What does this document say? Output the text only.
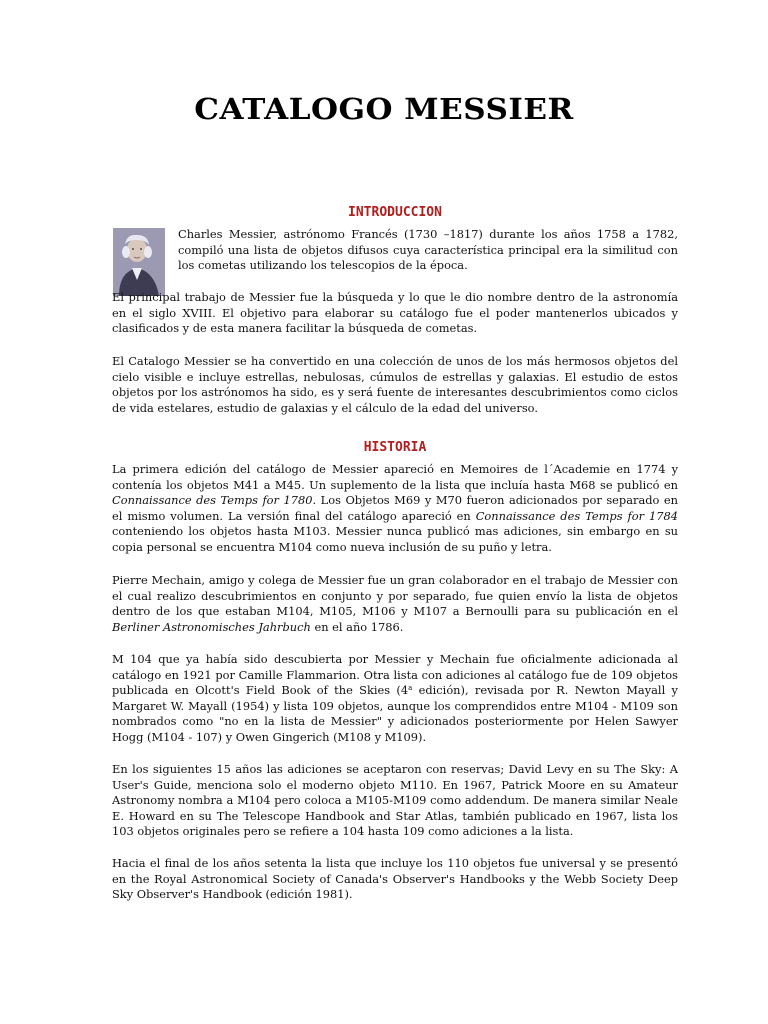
CATALOGO MESSIER
INTRODUCCION

Charles Messier, astrónomo Francés (1730 –1817) durante los años 1758 a 1782, compiló una lista de objetos difusos cuya característica principal era la similitud con los cometas utilizando los telescopios de la época.

El principal trabajo de Messier fue la búsqueda y lo que le dio nombre dentro de la astronomía en el siglo XVIII. El objetivo para elaborar su catálogo fue el poder mantenerlos ubicados y clasificados y de esta manera facilitar la búsqueda de cometas.

El Catalogo Messier se ha convertido en una colección de unos de los más hermosos objetos del cielo visible e incluye estrellas, nebulosas, cúmulos de estrellas y galaxias. El estudio de estos objetos por los astrónomos ha sido, es y será fuente de interesantes descubrimientos como ciclos de vida estelares, estudio de galaxias y el cálculo de la edad del universo.

HISTORIA

La primera edición del catálogo de Messier apareció en Memoires de l´Academie en 1774 y contenía los objetos M41 a M45. Un suplemento de la lista que incluía hasta M68 se publicó en Connaissance des Temps for 1780. Los Objetos M69 y M70 fueron adicionados por separado en el mismo volumen. La versión final del catálogo apareció en Connaissance des Temps for 1784 conteniendo los objetos hasta M103. Messier nunca publicó mas adiciones, sin embargo en su copia personal se encuentra M104 como nueva inclusión de su puño y letra.

Pierre Mechain, amigo y colega de Messier fue un gran colaborador en el trabajo de Messier con el cual realizo descubrimientos en conjunto y por separado, fue quien envío la lista de objetos dentro de los que estaban M104, M105, M106 y M107 a Bernoulli para su publicación en el Berliner Astronomisches Jahrbuch en el año 1786.

M 104 que ya había sido descubierta por Messier y Mechain fue oficialmente adicionada al catálogo en 1921 por Camille Flammarion. Otra lista con adiciones al catálogo fue de 109 objetos publicada en Olcott's Field Book of the Skies (4$^a$ edición), revisada por R. Newton Mayall y Margaret W. Mayall (1954) y lista 109 objetos, aunque los comprendidos entre M104 - M109 son nombrados como "no en la lista de Messier" y adicionados posteriormente por Helen Sawyer Hogg (M104 - 107) y Owen Gingerich (M108 y M109).

En los siguientes 15 años las adiciones se aceptaron con reservas; David Levy en su The Sky: A User's Guide, menciona solo el moderno objeto M110. En 1967, Patrick Moore en su Amateur Astronomy nombra a M104 pero coloca a M105-M109 como addendum. De manera similar Neale E. Howard en su The Telescope Handbook and Star Atlas, también publicado en 1967, lista los 103 objetos originales pero se refiere a 104 hasta 109 como adiciones a la lista.

Hacia el final de los años setenta la lista que incluye los 110 objetos fue universal y se presentó en the Royal Astronomical Society of Canada's Observer's Handbooks y the Webb Society Deep Sky Observer's Handbook (edición 1981).
